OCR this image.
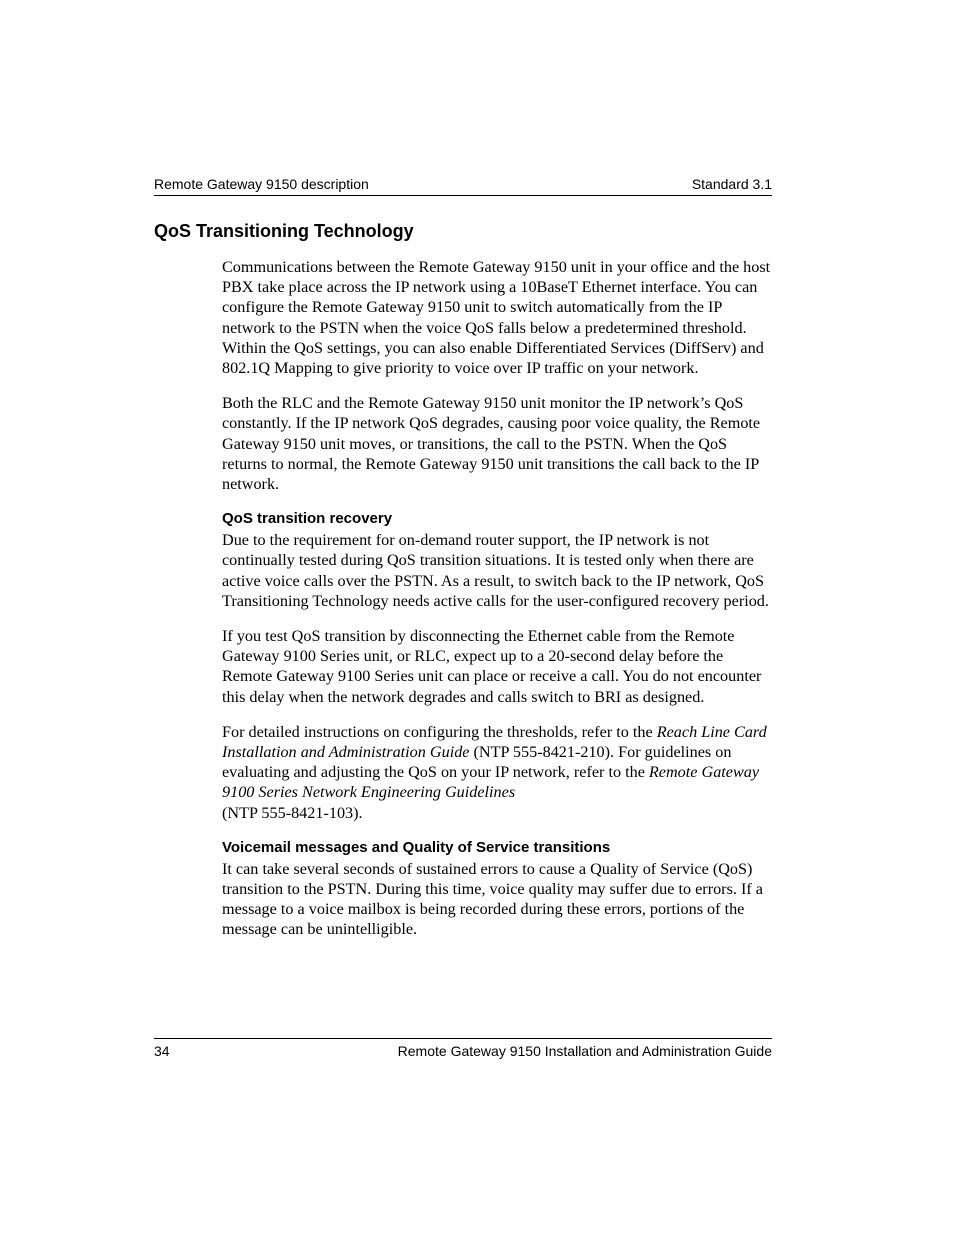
Remote Gateway 9150 description	Standard 3.1
QoS Transitioning Technology

Communications between the Remote Gateway 9150 unit in your office and the host PBX take place across the IP network using a 10BaseT Ethernet interface. You can configure the Remote Gateway 9150 unit to switch automatically from the IP network to the PSTN when the voice QoS falls below a predetermined threshold. Within the QoS settings, you can also enable Differentiated Services (DiffServ) and 802.1Q Mapping to give priority to voice over IP traffic on your network.

Both the RLC and the Remote Gateway 9150 unit monitor the IP network’s QoS constantly. If the IP network QoS degrades, causing poor voice quality, the Remote Gateway 9150 unit moves, or transitions, the call to the PSTN. When the QoS returns to normal, the Remote Gateway 9150 unit transitions the call back to the IP network.

QoS transition recovery

Due to the requirement for on-demand router support, the IP network is not continually tested during QoS transition situations. It is tested only when there are active voice calls over the PSTN. As a result, to switch back to the IP network, QoS Transitioning Technology needs active calls for the user-configured recovery period.

If you test QoS transition by disconnecting the Ethernet cable from the Remote Gateway 9100 Series unit, or RLC, expect up to a 20-second delay before the Remote Gateway 9100 Series unit can place or receive a call. You do not encounter this delay when the network degrades and calls switch to BRI as designed.

For detailed instructions on configuring the thresholds, refer to the Reach Line Card Installation and Administration Guide (NTP 555-8421-210). For guidelines on evaluating and adjusting the QoS on your IP network, refer to the Remote Gateway 9100 Series Network Engineering Guidelines
(NTP 555-8421-103).

Voicemail messages and Quality of Service transitions

It can take several seconds of sustained errors to cause a Quality of Service (QoS) transition to the PSTN. During this time, voice quality may suffer due to errors. If a message to a voice mailbox is being recorded during these errors, portions of the message can be unintelligible.

34	Remote Gateway 9150 Installation and Administration Guide
